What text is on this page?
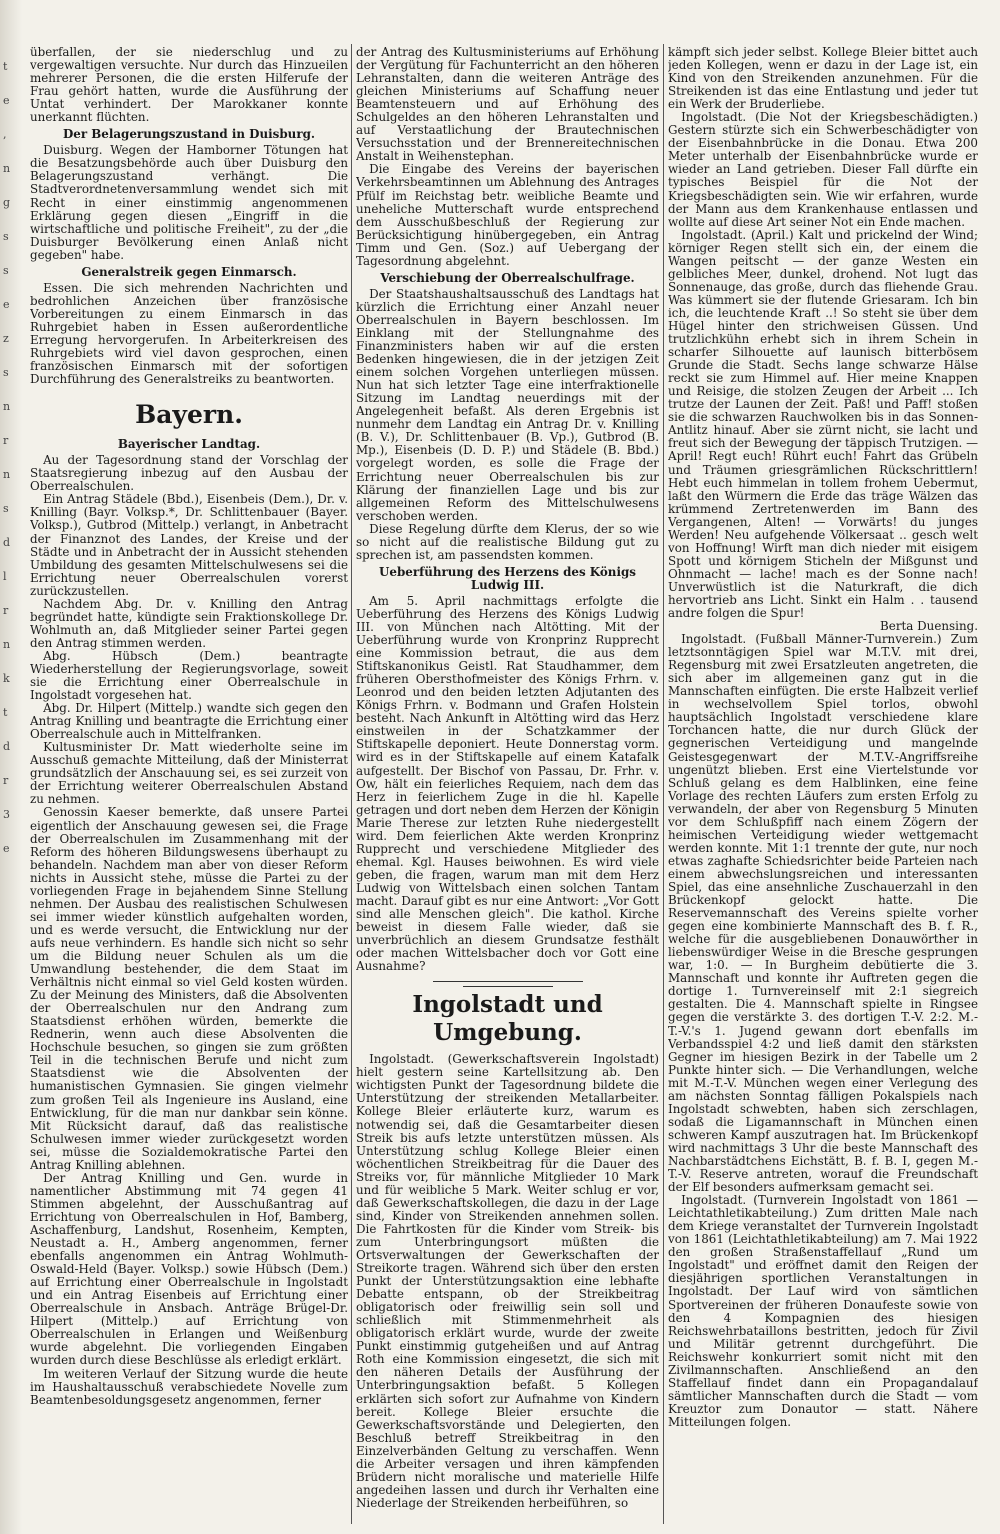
t
e
,
n
g
s
s
e
z
s
n
r
n
s
d
l
r
n
k
t
d
r
3
e

überfallen, der sie niederschlug und zu vergewaltigen versuchte. Nur durch das Hinzueilen mehrerer Personen, die die ersten Hilferufe der Frau gehört hatten, wurde die Ausführung der Untat verhindert. Der Marokkaner konnte unerkannt flüchten.

Der Belagerungszustand in Duisburg.

Duisburg. Wegen der Hamborner Tötungen hat die Besatzungsbehörde auch über Duisburg den Belagerungszustand verhängt. Die Stadtverordnetenversammlung wendet sich mit Recht in einer einstimmig angenommenen Erklärung gegen diesen „Eingriff in die wirtschaftliche und politische Freiheit", zu der „die Duisburger Bevölkerung einen Anlaß nicht gegeben" habe.

Generalstreik gegen Einmarsch.

Essen. Die sich mehrenden Nachrichten und bedrohlichen Anzeichen über französische Vorbereitungen zu einem Einmarsch in das Ruhrgebiet haben in Essen außerordentliche Erregung hervorgerufen. In Arbeiterkreisen des Ruhrgebiets wird viel davon gesprochen, einen französischen Einmarsch mit der sofortigen Durchführung des Generalstreiks zu beantworten.

Bayern.
Bayerischer Landtag.

Au der Tagesordnung stand der Vorschlag der Staatsregierung inbezug auf den Ausbau der Oberrealschulen.

Ein Antrag Städele (Bbd.), Eisenbeis (Dem.), Dr. v. Knilling (Bayr. Volksp.*, Dr. Schlittenbauer (Bayer. Volksp.), Gutbrod (Mittelp.) verlangt, in Anbetracht der Finanznot des Landes, der Kreise und der Städte und in Anbetracht der in Aussicht stehenden Umbildung des gesamten Mittelschulwesens sei die Errichtung neuer Oberrealschulen vorerst zurückzustellen.

Nachdem Abg. Dr. v. Knilling den Antrag begründet hatte, kündigte sein Fraktionskollege Dr. Wohlmuth an, daß Mitglieder seiner Partei gegen den Antrag stimmen werden.

Abg. Hübsch (Dem.) beantragte Wiederherstellung der Regierungsvorlage, soweit sie die Errichtung einer Oberrealschule in Ingolstadt vorgesehen hat.

Abg. Dr. Hilpert (Mittelp.) wandte sich gegen den Antrag Knilling und beantragte die Errichtung einer Oberrealschule auch in Mittelfranken.

Kultusminister Dr. Matt wiederholte seine im Ausschuß gemachte Mitteilung, daß der Ministerrat grundsätzlich der Anschauung sei, es sei zurzeit von der Errichtung weiterer Oberrealschulen Abstand zu nehmen.

Genossin Kaeser bemerkte, daß unsere Partei eigentlich der Anschauung gewesen sei, die Frage der Oberrealschulen im Zusammenhang mit der Reform des höheren Bildungswesens überhaupt zu behandeln. Nachdem man aber von dieser Reform nichts in Aussicht stehe, müsse die Partei zu der vorliegenden Frage in bejahendem Sinne Stellung nehmen. Der Ausbau des realistischen Schulwesen sei immer wieder künstlich aufgehalten worden, und es werde versucht, die Entwicklung nur der aufs neue verhindern. Es handle sich nicht so sehr um die Bildung neuer Schulen als um die Umwandlung bestehender, die dem Staat im Verhältnis nicht einmal so viel Geld kosten würden. Zu der Meinung des Ministers, daß die Absolventen der Oberrealschulen nur den Andrang zum Staatsdienst erhöhen würden, bemerkte die Rednerin, wenn auch diese Absolventen die Hochschule besuchen, so gingen sie zum größten Teil in die technischen Berufe und nicht zum Staatsdienst wie die Absolventen der humanistischen Gymnasien. Sie gingen vielmehr zum großen Teil als Ingenieure ins Ausland, eine Entwicklung, für die man nur dankbar sein könne. Mit Rücksicht darauf, daß das realistische Schulwesen immer wieder zurückgesetzt worden sei, müsse die Sozialdemokratische Partei den Antrag Knilling ablehnen.

Der Antrag Knilling und Gen. wurde in namentlicher Abstimmung mit 74 gegen 41 Stimmen abgelehnt, der Ausschußantrag auf Errichtung von Oberrealschulen in Hof, Bamberg, Aschaffenburg, Landshut, Rosenheim, Kempten, Neustadt a. H., Amberg angenommen, ferner ebenfalls angenommen ein Antrag Wohlmuth-Oswald-Held (Bayer. Volksp.) sowie Hübsch (Dem.) auf Errichtung einer Oberrealschule in Ingolstadt und ein Antrag Eisenbeis auf Errichtung einer Oberrealschule in Ansbach. Anträge Brügel-Dr. Hilpert (Mittelp.) auf Errichtung von Oberrealschulen in Erlangen und Weißenburg wurde abgelehnt. Die vorliegenden Eingaben wurden durch diese Beschlüsse als erledigt erklärt.

Im weiteren Verlauf der Sitzung wurde die heute im Haushaltausschuß verabschiedete Novelle zum Beamtenbesoldungsgesetz angenommen, ferner

der Antrag des Kultusministeriums auf Erhöhung der Vergütung für Fachunterricht an den höheren Lehranstalten, dann die weiteren Anträge des gleichen Ministeriums auf Schaffung neuer Beamtensteuern und auf Erhöhung des Schulgeldes an den höheren Lehranstalten und auf Verstaatlichung der Brautechnischen Versuchsstation und der Brennereitechnischen Anstalt in Weihenstephan.

Die Eingabe des Vereins der bayerischen Verkehrsbeamtinnen um Ablehnung des Antrages Pfülf im Reichstag betr. weibliche Beamte und uneheliche Mutterschaft wurde entsprechend dem Ausschußbeschluß der Regierung zur Berücksichtigung hinübergegeben, ein Antrag Timm und Gen. (Soz.) auf Uebergang der Tagesordnung abgelehnt.

Verschiebung der Oberrealschulfrage.

Der Staatshaushaltsausschuß des Landtags hat kürzlich die Errichtung einer Anzahl neuer Oberrealschulen in Bayern beschlossen. Im Einklang mit der Stellungnahme des Finanzministers haben wir auf die ersten Bedenken hingewiesen, die in der jetzigen Zeit einem solchen Vorgehen unterliegen müssen. Nun hat sich letzter Tage eine interfraktionelle Sitzung im Landtag neuerdings mit der Angelegenheit befaßt. Als deren Ergebnis ist nunmehr dem Landtag ein Antrag Dr. v. Knilling (B. V.), Dr. Schlittenbauer (B. Vp.), Gutbrod (B. Mp.), Eisenbeis (D. D. P.) und Städele (B. Bbd.) vorgelegt worden, es solle die Frage der Errichtung neuer Oberrealschulen bis zur Klärung der finanziellen Lage und bis zur allgemeinen Reform des Mittelschulwesens verschoben werden.

Diese Regelung dürfte dem Klerus, der so wie so nicht auf die realistische Bildung gut zu sprechen ist, am passendsten kommen.

Ueberführung des Herzens des Königs Ludwig III.

Am 5. April nachmittags erfolgte die Ueberführung des Herzens des Königs Ludwig III. von München nach Altötting. Mit der Ueberführung wurde von Kronprinz Rupprecht eine Kommission betraut, die aus dem Stiftskanonikus Geistl. Rat Staudhammer, dem früheren Obersthofmeister des Königs Frhrn. v. Leonrod und den beiden letzten Adjutanten des Königs Frhrn. v. Bodmann und Grafen Holstein besteht. Nach Ankunft in Altötting wird das Herz einstweilen in der Schatzkammer der Stiftskapelle deponiert. Heute Donnerstag vorm. wird es in der Stiftskapelle auf einem Katafalk aufgestellt. Der Bischof von Passau, Dr. Frhr. v. Ow, hält ein feierliches Requiem, nach dem das Herz in feierlichem Zuge in die hl. Kapelle getragen und dort neben dem Herzen der Königin Marie Therese zur letzten Ruhe niedergestellt wird. Dem feierlichen Akte werden Kronprinz Rupprecht und verschiedene Mitglieder des ehemal. Kgl. Hauses beiwohnen. Es wird viele geben, die fragen, warum man mit dem Herz Ludwig von Wittelsbach einen solchen Tantam macht. Darauf gibt es nur eine Antwort: „Vor Gott sind alle Menschen gleich". Die kathol. Kirche beweist in diesem Falle wieder, daß sie unverbrüchlich an diesem Grundsatze festhält oder machen Wittelsbacher doch vor Gott eine Ausnahme?

Ingolstadt und Umgebung.

Ingolstadt. (Gewerkschaftsverein Ingolstadt) hielt gestern seine Kartellsitzung ab. Den wichtigsten Punkt der Tagesordnung bildete die Unterstützung der streikenden Metallarbeiter. Kollege Bleier erläuterte kurz, warum es notwendig sei, daß die Gesamtarbeiter diesen Streik bis aufs letzte unterstützen müssen. Als Unterstützung schlug Kollege Bleier einen wöchentlichen Streikbeitrag für die Dauer des Streiks vor, für männliche Mitglieder 10 Mark und für weibliche 5 Mark. Weiter schlug er vor, daß Gewerkschaftskollegen, die dazu in der Lage sind, Kinder von Streikenden annehmen sollen. Die Fahrtkosten für die Kinder vom Streik- bis zum Unterbringungsort müßten die Ortsverwaltungen der Gewerkschaften der Streikorte tragen. Während sich über den ersten Punkt der Unterstützungsaktion eine lebhafte Debatte entspann, ob der Streikbeitrag obligatorisch oder freiwillig sein soll und schließlich mit Stimmenmehrheit als obligatorisch erklärt wurde, wurde der zweite Punkt einstimmig gutgeheißen und auf Antrag Roth eine Kommission eingesetzt, die sich mit den näheren Details der Ausführung der Unterbringungsaktion befaßt. 5 Kollegen erklärten sich sofort zur Aufnahme von Kindern bereit. Kollege Bleier ersuchte die Gewerkschaftsvorstände und Delegierten, den Beschluß betreff Streikbeitrag in den Einzelverbänden Geltung zu verschaffen. Wenn die Arbeiter versagen und ihren kämpfenden Brüdern nicht moralische und materielle Hilfe angedeihen lassen und durch ihr Verhalten eine Niederlage der Streikenden herbeiführen, so

kämpft sich jeder selbst. Kollege Bleier bittet auch jeden Kollegen, wenn er dazu in der Lage ist, ein Kind von den Streikenden anzunehmen. Für die Streikenden ist das eine Entlastung und jeder tut ein Werk der Bruderliebe.

Ingolstadt. (Die Not der Kriegsbeschädigten.) Gestern stürzte sich ein Schwerbeschädigter von der Eisenbahnbrücke in die Donau. Etwa 200 Meter unterhalb der Eisenbahnbrücke wurde er wieder an Land getrieben. Dieser Fall dürfte ein typisches Beispiel für die Not der Kriegsbeschädigten sein. Wie wir erfahren, wurde der Mann aus dem Krankenhause entlassen und wollte auf diese Art seiner Not ein Ende machen.

Ingolstadt. (April.) Kalt und prickelnd der Wind; körniger Regen stellt sich ein, der einem die Wangen peitscht — der ganze Westen ein gelbliches Meer, dunkel, drohend. Not lugt das Sonnenauge, das große, durch das fliehende Grau. Was kümmert sie der flutende Griesaram. Ich bin ich, die leuchtende Kraft ..! So steht sie über dem Hügel hinter den strichweisen Güssen. Und trutzlichkühn erhebt sich in ihrem Schein in scharfer Silhouette auf launisch bitterbösem Grunde die Stadt. Sechs lange schwarze Hälse reckt sie zum Himmel auf. Hier meine Knappen und Reisige, die stolzen Zeugen der Arbeit ... Ich trutze der Launen der Zeit. Paß! und Paff! stoßen sie die schwarzen Rauchwolken bis in das Sonnen-Antlitz hinauf. Aber sie zürnt nicht, sie lacht und freut sich der Bewegung der täppisch Trutzigen. — April! Regt euch! Rührt euch! Fahrt das Grübeln und Träumen griesgrämlichen Rückschrittlern! Hebt euch himmelan in tollem frohem Uebermut, laßt den Würmern die Erde das träge Wälzen das krümmend Zertretenwerden im Bann des Vergangenen, Alten! — Vorwärts! du junges Werden! Neu aufgehende Völkersaat .. gesch welt von Hoffnung! Wirft man dich nieder mit eisigem Spott und körnigem Sticheln der Mißgunst und Ohnmacht — lache! mach es der Sonne nach! Unverwüstlich ist die Naturkraft, die dich hervortrieb ans Licht. Sinkt ein Halm . . tausend andre folgen die Spur!

Berta Duensing.

Ingolstadt. (Fußball Männer-Turnverein.) Zum letztsonntägigen Spiel war M.T.V. mit drei, Regensburg mit zwei Ersatzleuten angetreten, die sich aber im allgemeinen ganz gut in die Mannschaften einfügten. Die erste Halbzeit verlief in wechselvollem Spiel torlos, obwohl hauptsächlich Ingolstadt verschiedene klare Torchancen hatte, die nur durch Glück der gegnerischen Verteidigung und mangelnde Geistesgegenwart der M.T.V.-Angriffsreihe ungenützt blieben. Erst eine Viertelstunde vor Schluß gelang es dem Halblinken, eine feine Vorlage des rechten Läufers zum ersten Erfolg zu verwandeln, der aber von Regensburg 5 Minuten vor dem Schlußpfiff nach einem Zögern der heimischen Verteidigung wieder wettgemacht werden konnte. Mit 1:1 trennte der gute, nur noch etwas zaghafte Schiedsrichter beide Parteien nach einem abwechslungsreichen und interessanten Spiel, das eine ansehnliche Zuschauerzahl in den Brückenkopf gelockt hatte. Die Reservemannschaft des Vereins spielte vorher gegen eine kombinierte Mannschaft des B. f. R., welche für die ausgebliebenen Donauwörther in liebenswürdiger Weise in die Bresche gesprungen war, 1:0. — In Burgheim debütierte die 3. Mannschaft und konnte ihr Auftreten gegen die dortige 1. Turnvereinself mit 2:1 siegreich gestalten. Die 4. Mannschaft spielte in Ringsee gegen die verstärkte 3. des dortigen T.-V. 2:2. M.-T.-V.'s 1. Jugend gewann dort ebenfalls im Verbandsspiel 4:2 und ließ damit den stärksten Gegner im hiesigen Bezirk in der Tabelle um 2 Punkte hinter sich. — Die Verhandlungen, welche mit M.-T.-V. München wegen einer Verlegung des am nächsten Sonntag fälligen Pokalspiels nach Ingolstadt schwebten, haben sich zerschlagen, sodaß die Ligamannschaft in München einen schweren Kampf auszutragen hat. Im Brückenkopf wird nachmittags 3 Uhr die beste Mannschaft des Nachbarstädtchens Eichstätt, B. f. B. I, gegen M.-T.-V. Reserve antreten, worauf die Freundschaft der Elf besonders aufmerksam gemacht sei.

Ingolstadt. (Turnverein Ingolstadt von 1861 — Leichtathletikabteilung.) Zum dritten Male nach dem Kriege veranstaltet der Turnverein Ingolstadt von 1861 (Leichtathletikabteilung) am 7. Mai 1922 den großen Straßenstaffellauf „Rund um Ingolstadt" und eröffnet damit den Reigen der diesjährigen sportlichen Veranstaltungen in Ingolstadt. Der Lauf wird von sämtlichen Sportvereinen der früheren Donaufeste sowie von den 4 Kompagnien des hiesigen Reichswehrbataillons bestritten, jedoch für Zivil und Militär getrennt durchgeführt. Die Reichswehr konkurriert somit nicht mit den Zivilmannschaften. Anschließend an den Staffellauf findet dann ein Propagandalauf sämtlicher Mannschaften durch die Stadt — vom Kreuztor zum Donautor — statt. Nähere Mitteilungen folgen.
